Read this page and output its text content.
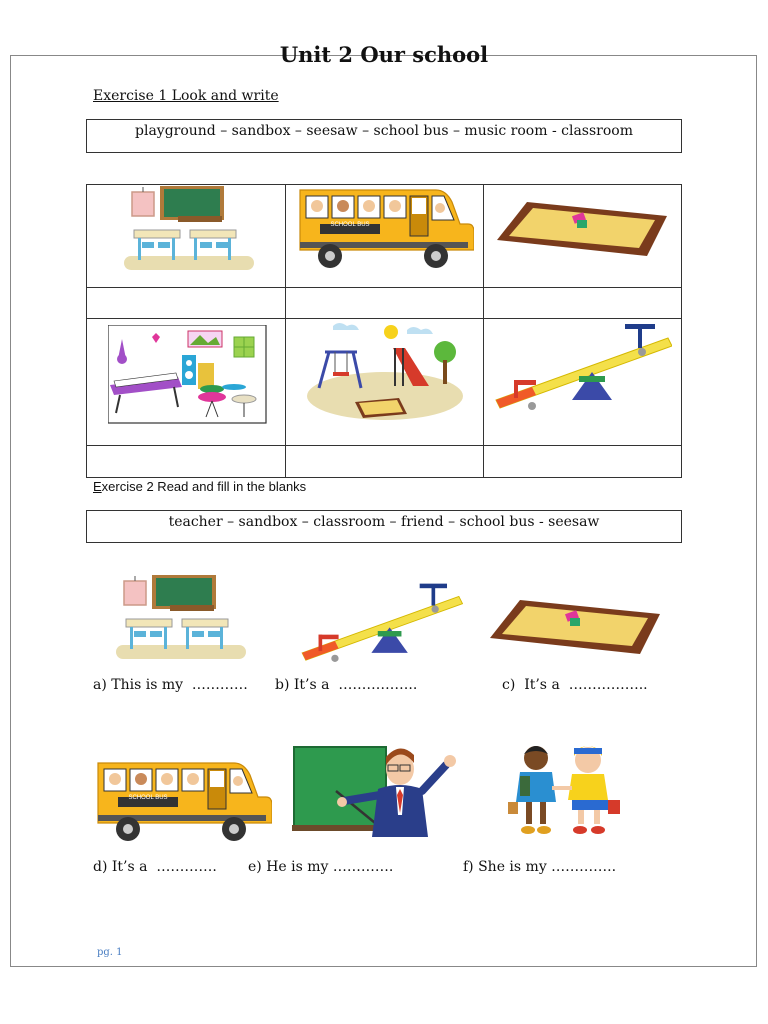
Unit 2 Our school
Exercise 1 Look and write
playground – sandbox – seesaw – school bus – music room - classroom
SCHOOL BUS
Exercise 2 Read and fill in the blanks
teacher – sandbox – classroom – friend – school bus - seesaw
a) This is my  ………… b) It’s a  ……………..	c)  It’s a  ……………..
SCHOOL BUS
d) It’s a  …………. e) He is my ………….	f) She is my …………..
pg. 1
